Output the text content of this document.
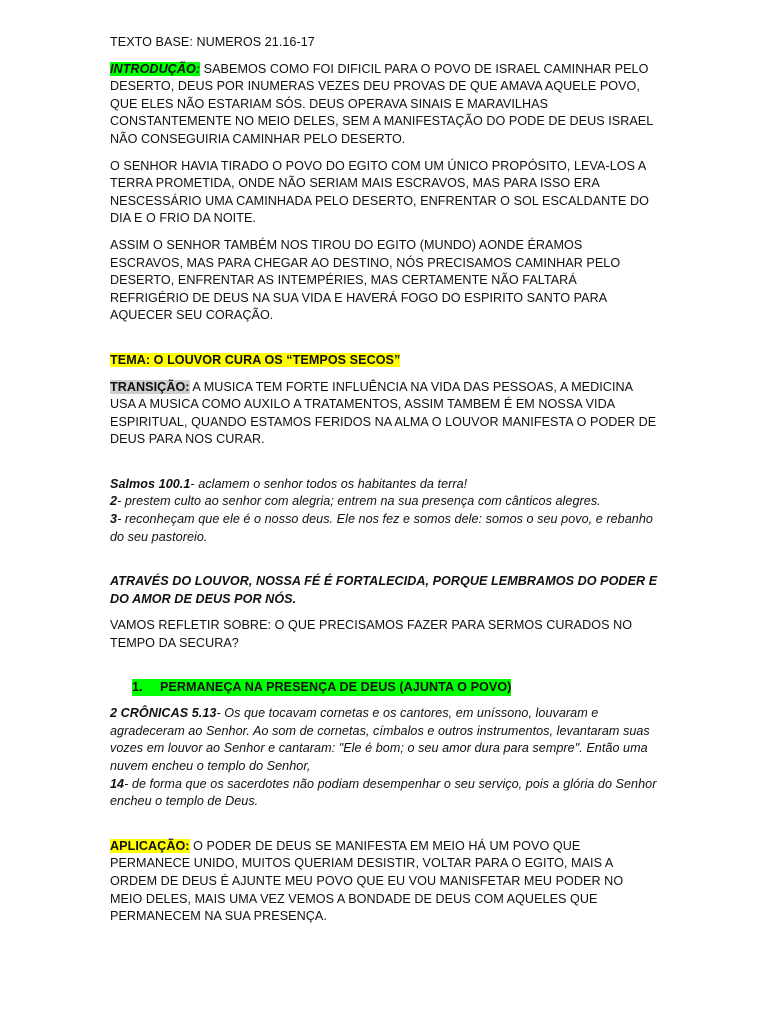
TEXTO BASE: NUMEROS 21.16-17

INTRODUÇÃO: SABEMOS COMO FOI DIFICIL PARA O POVO DE ISRAEL CAMINHAR PELO DESERTO, DEUS POR INUMERAS VEZES DEU PROVAS DE QUE AMAVA AQUELE POVO, QUE ELES NÃO ESTARIAM SÓS. DEUS OPERAVA SINAIS E MARAVILHAS CONSTANTEMENTE NO MEIO DELES, SEM A MANIFESTAÇÃO DO PODE DE DEUS ISRAEL NÃO CONSEGUIRIA CAMINHAR PELO DESERTO.

O SENHOR HAVIA TIRADO O POVO DO EGITO COM UM ÚNICO PROPÓSITO, LEVA-LOS A TERRA PROMETIDA, ONDE NÃO SERIAM MAIS ESCRAVOS, MAS PARA ISSO ERA NESCESSÁRIO UMA CAMINHADA PELO DESERTO, ENFRENTAR O SOL ESCALDANTE DO DIA E O FRIO DA NOITE.

ASSIM O SENHOR TAMBÉM NOS TIROU DO EGITO (MUNDO) AONDE ÉRAMOS ESCRAVOS, MAS PARA CHEGAR AO DESTINO, NÓS PRECISAMOS CAMINHAR PELO DESERTO, ENFRENTAR AS INTEMPÉRIES, MAS CERTAMENTE NÃO FALTARÁ REFRIGÉRIO DE DEUS NA SUA VIDA E HAVERÁ FOGO DO ESPIRITO SANTO PARA AQUECER SEU CORAÇÃO.

TEMA: O LOUVOR CURA OS “TEMPOS SECOS”

TRANSIÇÃO: A MUSICA TEM FORTE INFLUÊNCIA NA VIDA DAS PESSOAS, A MEDICINA USA A MUSICA COMO AUXILO A TRATAMENTOS, ASSIM TAMBEM É EM NOSSA VIDA ESPIRITUAL, QUANDO ESTAMOS FERIDOS NA ALMA O LOUVOR MANIFESTA O PODER DE DEUS PARA NOS CURAR.

Salmos 100.1- aclamem o senhor todos os habitantes da terra!
2- prestem culto ao senhor com alegria; entrem na sua presença com cânticos alegres.
3- reconheçam que ele é o nosso deus. Ele nos fez e somos dele: somos o seu povo, e rebanho do seu pastoreio.

ATRAVÉS DO LOUVOR, NOSSA FÉ É FORTALECIDA, PORQUE LEMBRAMOS DO PODER E DO AMOR DE DEUS POR NÓS.

VAMOS REFLETIR SOBRE: O QUE PRECISAMOS FAZER PARA SERMOS CURADOS NO TEMPO DA SECURA?

1.	PERMANEÇA NA PRESENÇA DE DEUS (AJUNTA O POVO)

2 CRÔNICAS 5.13- Os que tocavam cornetas e os cantores, em uníssono, louvaram e agradeceram ao Senhor. Ao som de cornetas, címbalos e outros instrumentos, levantaram suas vozes em louvor ao Senhor e cantaram: "Ele é bom; o seu amor dura para sempre". Então uma nuvem encheu o templo do Senhor,
14- de forma que os sacerdotes não podiam desempenhar o seu serviço, pois a glória do Senhor encheu o templo de Deus.

APLICAÇÃO: O PODER DE DEUS SE MANIFESTA EM MEIO HÁ UM POVO QUE PERMANECE UNIDO, MUITOS QUERIAM DESISTIR, VOLTAR PARA O EGITO, MAIS A ORDEM DE DEUS É AJUNTE MEU POVO QUE EU VOU MANISFETAR MEU PODER NO MEIO DELES, MAIS UMA VEZ VEMOS A BONDADE DE DEUS COM AQUELES QUE PERMANECEM NA SUA PRESENÇA.
